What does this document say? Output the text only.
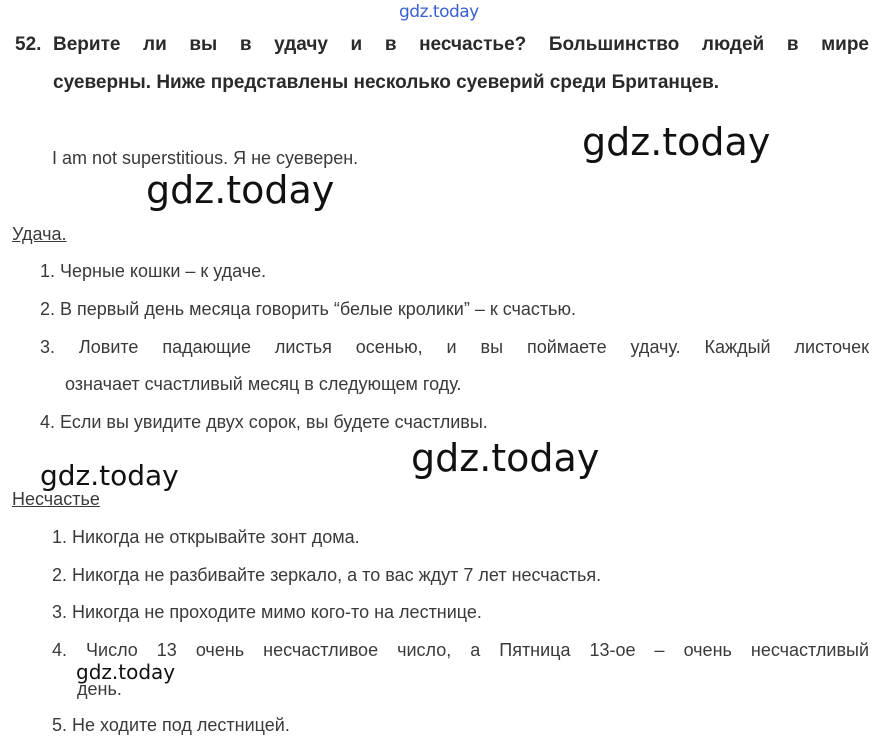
gdz.today
52. Верите ли вы в удачу и в несчастье? Большинство людей в мире
суеверны. Ниже представлены несколько суеверий среди Британцев.
I am not superstitious. Я не суеверен.	gdz.today
gdz.today
Удача.
1. Черные кошки – к удаче.
2. В первый день месяца говорить “белые кролики” – к счастью.
3. Ловите падающие листья осенью, и вы поймаете удачу. Каждый листочек
означает счастливый месяц в следующем году.
4. Если вы увидите двух сорок, вы будете счастливы.
gdz.today
gdz.today
Несчастье
1. Никогда не открывайте зонт дома.
2. Никогда не разбивайте зеркало, а то вас ждут 7 лет несчастья.
3. Никогда не проходите мимо кого-то на лестнице.
4. Число 13 очень несчастливое число, а Пятница 13-ое – очень несчастливый
gdz.today
день.
5. Не ходите под лестницей.
